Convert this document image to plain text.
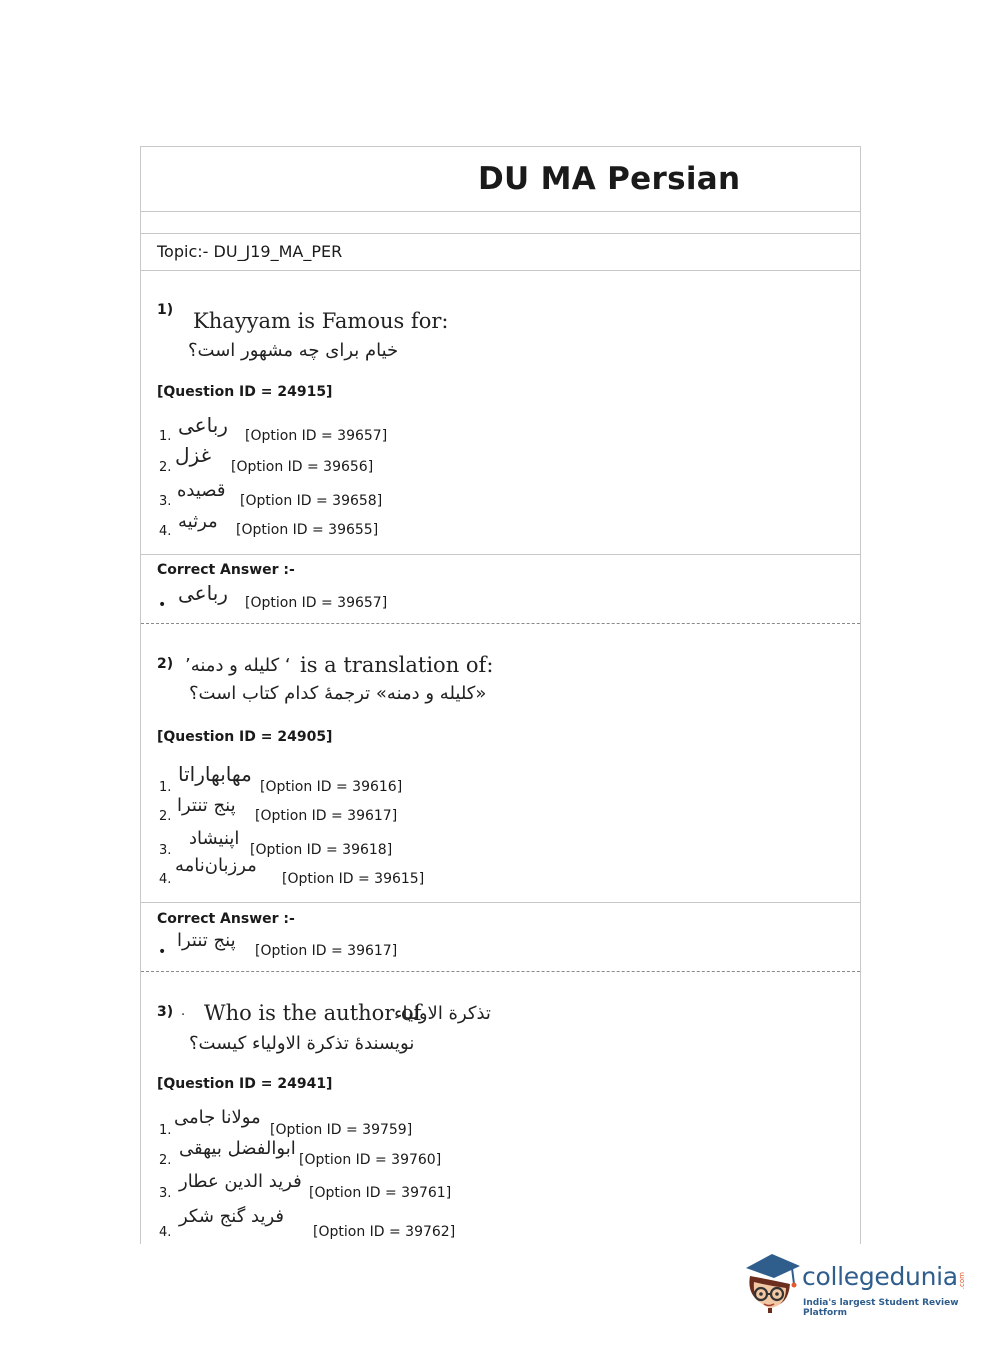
DU MA Persian
Topic:- DU_J19_MA_PER
1) Khayyam is Famous for:
خیام برای چه مشهور است؟
[Question ID = 24915]
1. رباعی [Option ID = 39657]
2.
غزل [Option ID = 39656]
3.
قصیده [Option ID = 39658]
4. مرثیه [Option ID = 39655]
Correct Answer :-
• رباعی [Option ID = 39657]
2) ‘ کلیله و دمنه’ is a translation of:
«کلیله و دمنه» ترجمۀ کدام کتاب است؟
[Question ID = 24905]
1.
مهابهاراتا
[Option ID = 39616]
2.
پنج تنترا [Option ID = 39617]
3.
اپنیشاد
[Option ID = 39618]
4.
مرزبان‌نامه
[Option ID = 39615]
Correct Answer :-
•
پنج تنترا [Option ID = 39617]
3) . Who is the author of
تذکرة الاولیاء
نویسندۀ تذکرة الاولیاء کیست؟
[Question ID = 24941]
1.
مولانا جامی
[Option ID = 39759]
2.
ابوالفضل بیهقی
[Option ID = 39760]
3.
فرید الدین عطار
[Option ID = 39761]
4.
فرید گنج شکر
[Option ID = 39762]
collegedunia .com
India's largest Student Review Platform
